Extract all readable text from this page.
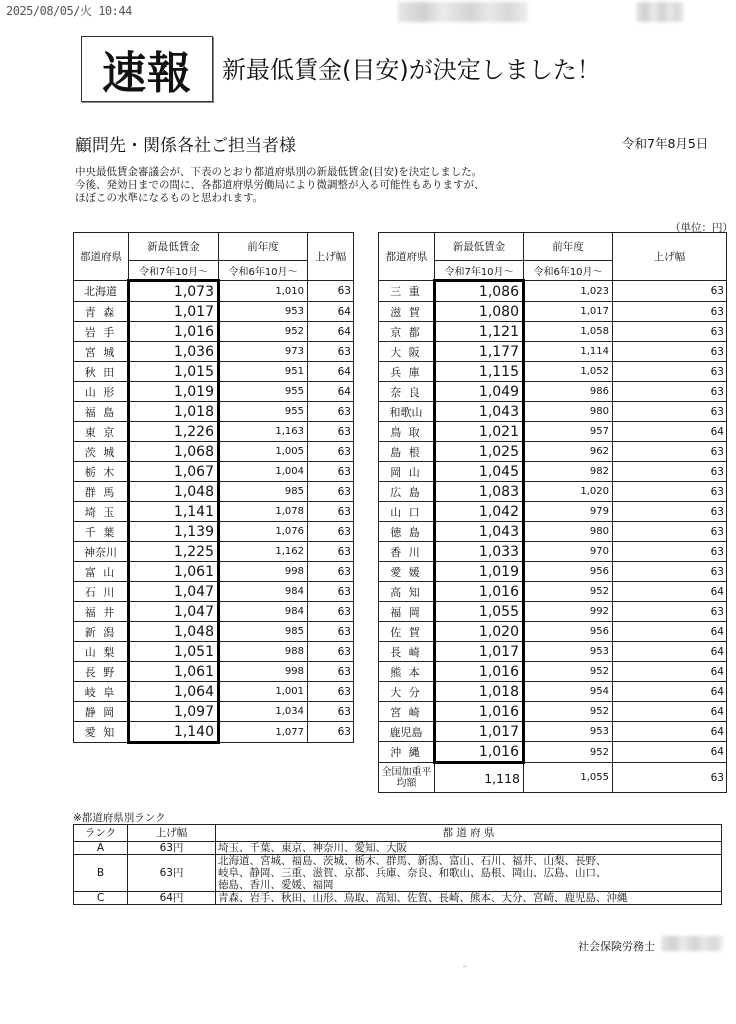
2025/08/05/火 10:44
速報	新最低賃金(目安)が決定しました！
顧問先・関係各社ご担当者様	令和7年8月5日
中央最低賃金審議会が、下表のとおり都道府県別の新最低賃金(目安)を決定しました。
今後、発効日までの間に、各都道府県労働局により微調整が入る可能性もありますが、
ほぼこの水準になるものと思われます。
（単位：円）
都道府県	新最低賃金	前年度	上げ幅
	令和7年10月～	令和6年10月～	
北海道	1,073	1,010	63
青 森	1,017	953	64
岩 手	1,016	952	64
宮 城	1,036	973	63
秋 田	1,015	951	64
山 形	1,019	955	64
福 島	1,018	955	63
東 京	1,226	1,163	63
茨 城	1,068	1,005	63
栃 木	1,067	1,004	63
群 馬	1,048	985	63
埼 玉	1,141	1,078	63
千 葉	1,139	1,076	63
神奈川	1,225	1,162	63
富 山	1,061	998	63
石 川	1,047	984	63
福 井	1,047	984	63
新 潟	1,048	985	63
山 梨	1,051	988	63
長 野	1,061	998	63
岐 阜	1,064	1,001	63
静 岡	1,097	1,034	63
愛 知	1,140	1,077	63
都道府県	新最低賃金	前年度	上げ幅
	令和7年10月～	令和6年10月～	
三 重	1,086	1,023	63
滋 賀	1,080	1,017	63
京 都	1,121	1,058	63
大 阪	1,177	1,114	63
兵 庫	1,115	1,052	63
奈 良	1,049	986	63
和歌山	1,043	980	63
鳥 取	1,021	957	64
島 根	1,025	962	63
岡 山	1,045	982	63
広 島	1,083	1,020	63
山 口	1,042	979	63
徳 島	1,043	980	63
香 川	1,033	970	63
愛 媛	1,019	956	63
高 知	1,016	952	64
福 岡	1,055	992	63
佐 賀	1,020	956	64
長 崎	1,017	953	64
熊 本	1,016	952	64
大 分	1,018	954	64
宮 崎	1,016	952	64
鹿児島	1,017	953	64
沖 縄	1,016	952	64
全国加重平均額	1,118	1,055	63
※都道府県別ランク
ランク	上げ幅	都 道 府 県
A	63円	埼玉、千葉、東京、神奈川、愛知、大阪
B	63円	北海道、宮城、福島、茨城、栃木、群馬、新潟、富山、石川、福井、山梨、長野、岐阜、静岡、三重、滋賀、京都、兵庫、奈良、和歌山、島根、岡山、広島、山口、徳島、香川、愛媛、福岡
C	64円	青森、岩手、秋田、山形、鳥取、高知、佐賀、長崎、熊本、大分、宮崎、鹿児島、沖縄
社会保険労務士
